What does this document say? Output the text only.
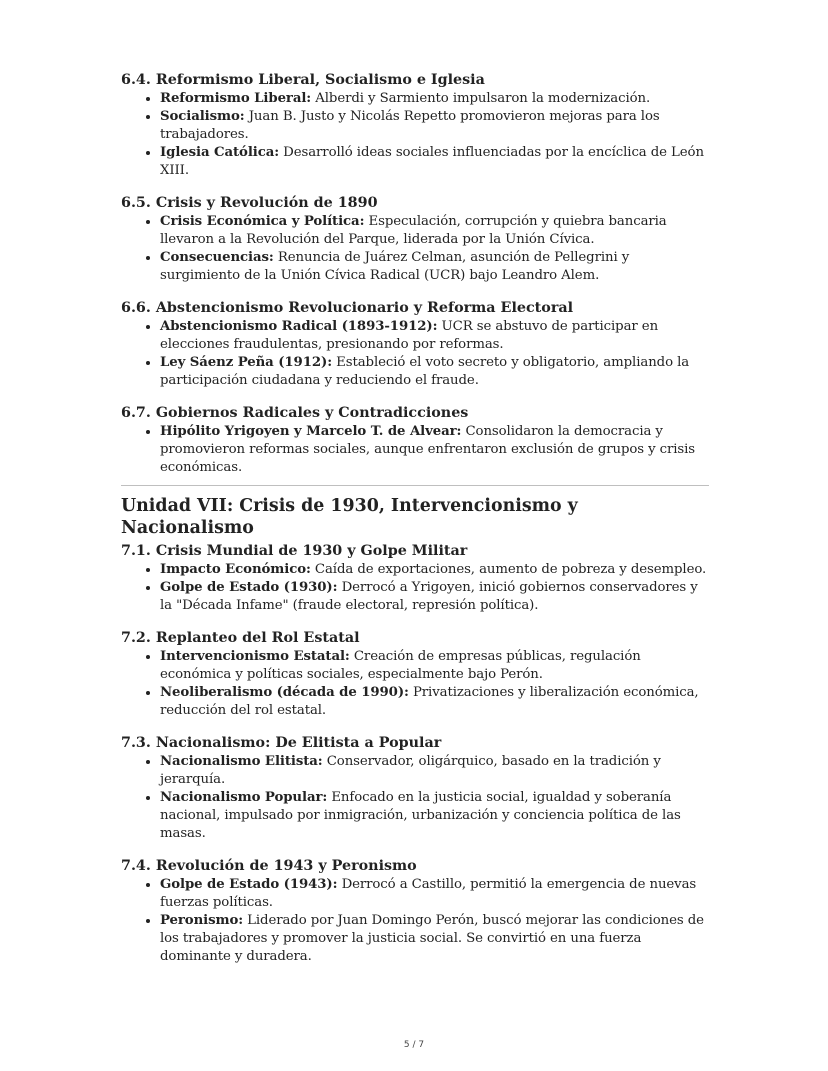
6.4. Reformismo Liberal, Socialismo e Iglesia
• Reformismo Liberal: Alberdi y Sarmiento impulsaron la modernización.
• Socialismo: Juan B. Justo y Nicolás Repetto promovieron mejoras para los trabajadores.
• Iglesia Católica: Desarrolló ideas sociales influenciadas por la encíclica de León XIII.
6.5. Crisis y Revolución de 1890
• Crisis Económica y Política: Especulación, corrupción y quiebra bancaria llevaron a la Revolución del Parque, liderada por la Unión Cívica.
• Consecuencias: Renuncia de Juárez Celman, asunción de Pellegrini y surgimiento de la Unión Cívica Radical (UCR) bajo Leandro Alem.
6.6. Abstencionismo Revolucionario y Reforma Electoral
• Abstencionismo Radical (1893-1912): UCR se abstuvo de participar en elecciones fraudulentas, presionando por reformas.
• Ley Sáenz Peña (1912): Estableció el voto secreto y obligatorio, ampliando la participación ciudadana y reduciendo el fraude.
6.7. Gobiernos Radicales y Contradicciones
• Hipólito Yrigoyen y Marcelo T. de Alvear: Consolidaron la democracia y promovieron reformas sociales, aunque enfrentaron exclusión de grupos y crisis económicas.
Unidad VII: Crisis de 1930, Intervencionismo y Nacionalismo
7.1. Crisis Mundial de 1930 y Golpe Militar
• Impacto Económico: Caída de exportaciones, aumento de pobreza y desempleo.
• Golpe de Estado (1930): Derrocó a Yrigoyen, inició gobiernos conservadores y la "Década Infame" (fraude electoral, represión política).
7.2. Replanteo del Rol Estatal
• Intervencionismo Estatal: Creación de empresas públicas, regulación económica y políticas sociales, especialmente bajo Perón.
• Neoliberalismo (década de 1990): Privatizaciones y liberalización económica, reducción del rol estatal.
7.3. Nacionalismo: De Elitista a Popular
• Nacionalismo Elitista: Conservador, oligárquico, basado en la tradición y jerarquía.
• Nacionalismo Popular: Enfocado en la justicia social, igualdad y soberanía nacional, impulsado por inmigración, urbanización y conciencia política de las masas.
7.4. Revolución de 1943 y Peronismo
• Golpe de Estado (1943): Derrocó a Castillo, permitió la emergencia de nuevas fuerzas políticas.
• Peronismo: Liderado por Juan Domingo Perón, buscó mejorar las condiciones de los trabajadores y promover la justicia social. Se convirtió en una fuerza dominante y duradera.
5 / 7
